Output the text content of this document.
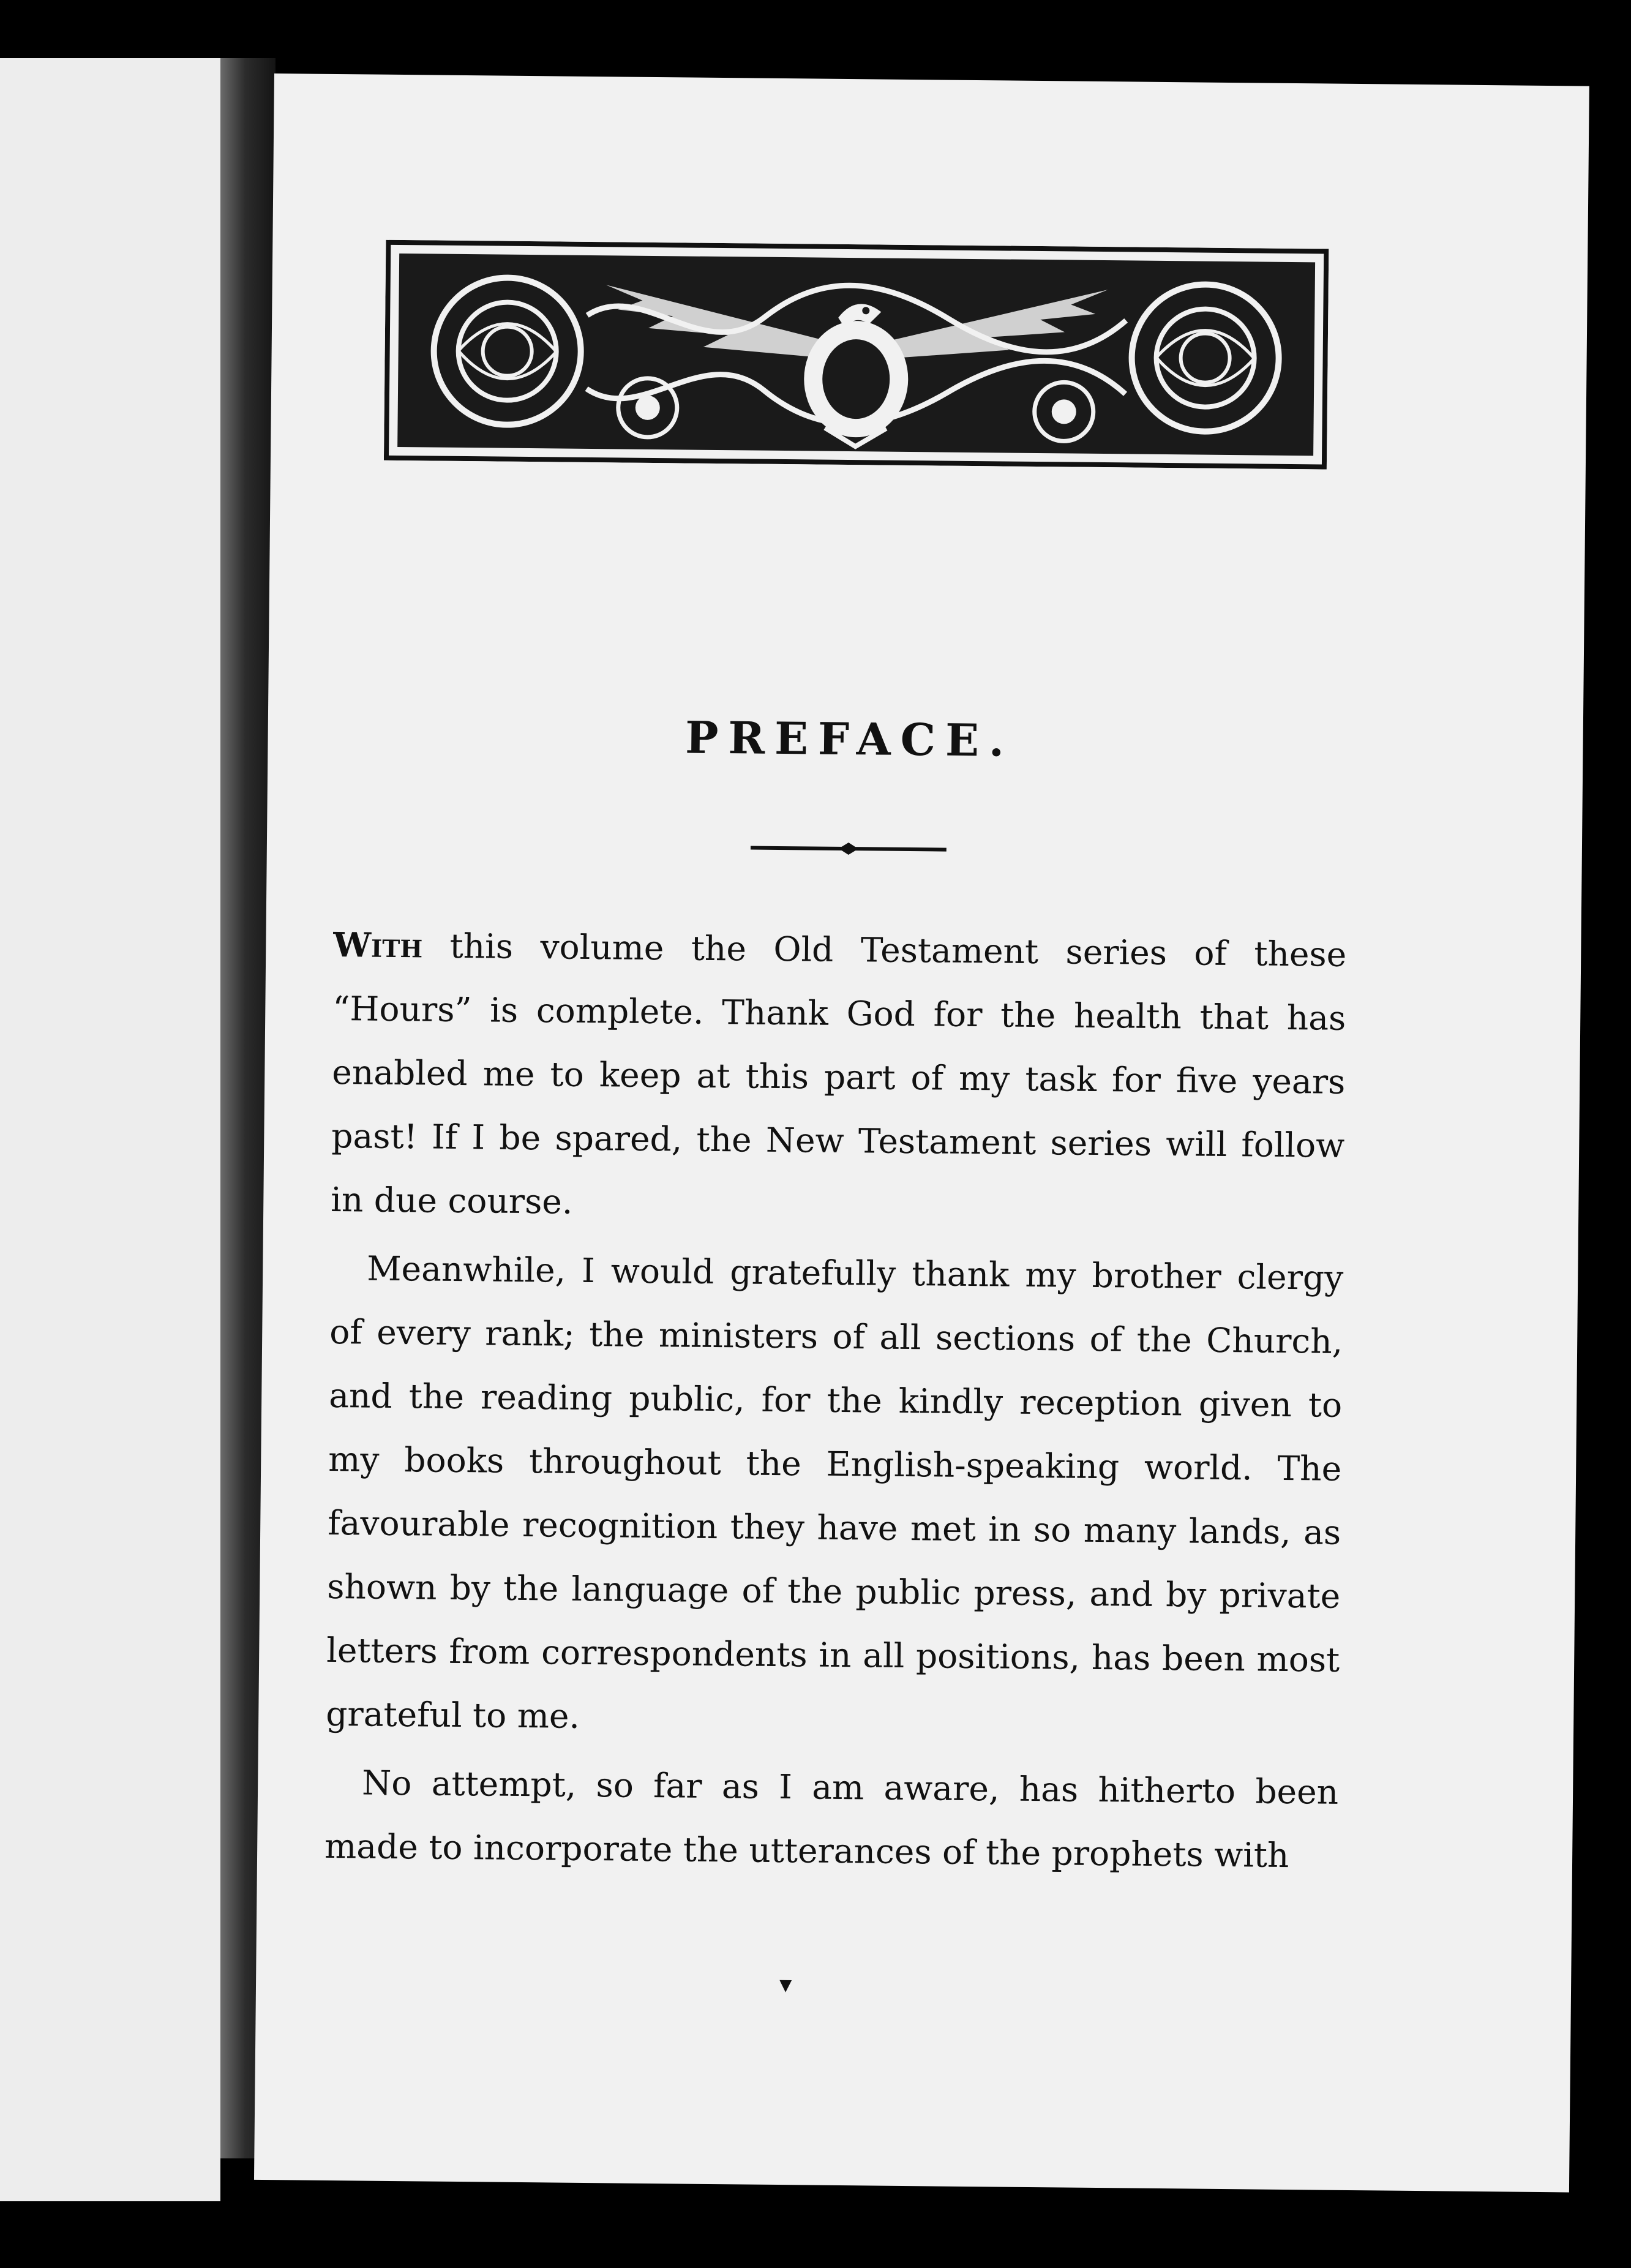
PREFACE.

With this volume the Old Testament series of these “Hours” is complete. Thank God for the health that has enabled me to keep at this part of my task for five years past! If I be spared, the New Testament series will follow in due course.

Meanwhile, I would gratefully thank my brother clergy of every rank; the ministers of all sections of the Church, and the reading public, for the kindly reception given to my books throughout the English-speaking world. The favourable recognition they have met in so many lands, as shown by the language of the public press, and by private letters from correspondents in all positions, has been most grateful to me.

No attempt, so far as I am aware, has hitherto been made to incorporate the utterances of the prophets with

▾
